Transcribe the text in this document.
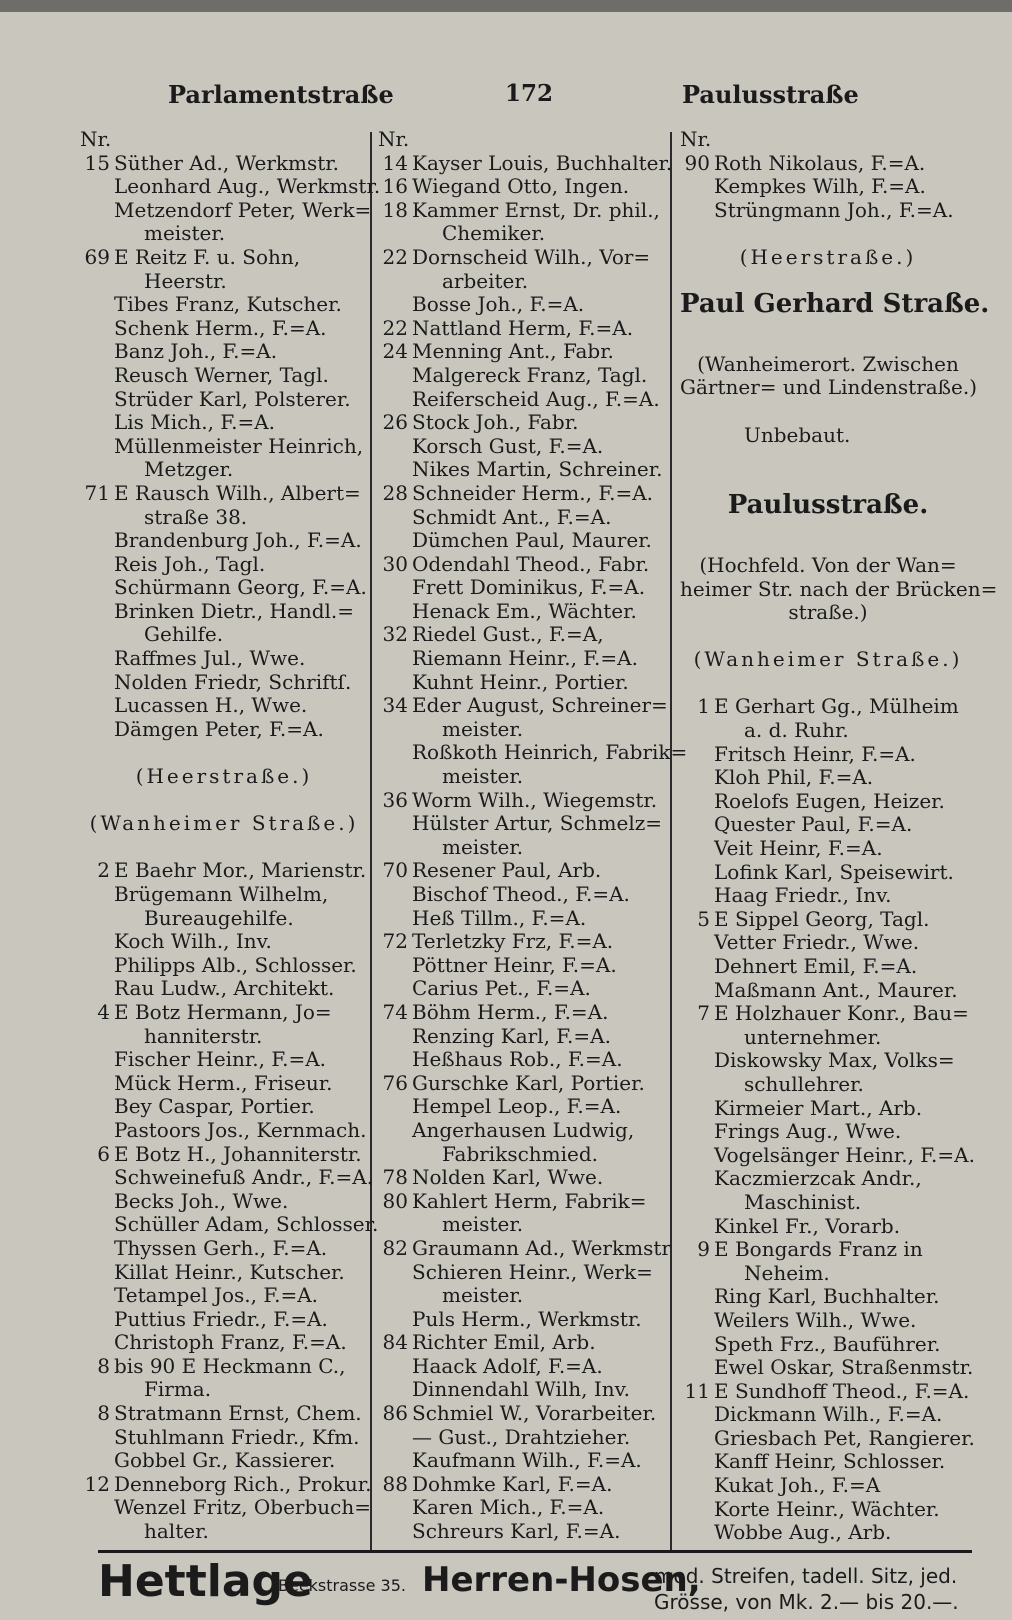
Parlamentstraße	172	Paulusstraße
Nr.
15 Süther Ad., Werkmstr.
Leonhard Aug., Werkmstr.
Metzendorf Peter, Werk=
meister.
69 E Reitz F. u. Sohn,
Heerstr.
Tibes Franz, Kutscher.
Schenk Herm., F.=A.
Banz Joh., F.=A.
Reusch Werner, Tagl.
Strüder Karl, Polsterer.
Lis Mich., F.=A.
Müllenmeister Heinrich,
Metzger.
71 E Rausch Wilh., Albert=
straße 38.
Brandenburg Joh., F.=A.
Reis Joh., Tagl.
Schürmann Georg, F.=A.
Brinken Dietr., Handl.=
Gehilfe.
Raffmes Jul., Wwe.
Nolden Friedr, Schriftſ.
Lucassen H., Wwe.
Dämgen Peter, F.=A.
(Heerstraße.)
(Wanheimer Straße.)
2 E Baehr Mor., Marienstr.
Brügemann Wilhelm,
Bureaugehilfe.
Koch Wilh., Inv.
Philipps Alb., Schlosser.
Rau Ludw., Architekt.
4 E Botz Hermann, Jo=
hanniterstr.
Fischer Heinr., F.=A.
Mück Herm., Friseur.
Bey Caspar, Portier.
Pastoors Jos., Kernmach.
6 E Botz H., Johanniterstr.
Schweinefuß Andr., F.=A.
Becks Joh., Wwe.
Schüller Adam, Schlosser.
Thyssen Gerh., F.=A.
Killat Heinr., Kutscher.
Tetampel Jos., F.=A.
Puttius Friedr., F.=A.
Christoph Franz, F.=A.
8 bis 90 E Heckmann C.,
Firma.
8 Stratmann Ernst, Chem.
Stuhlmann Friedr., Kfm.
Gobbel Gr., Kassierer.
12 Denneborg Rich., Prokur.
Wenzel Fritz, Oberbuch=
halter.
Nr.
14 Kayser Louis, Buchhalter.
16 Wiegand Otto, Ingen.
18 Kammer Ernst, Dr. phil.,
Chemiker.
22 Dornscheid Wilh., Vor=
arbeiter.
Bosse Joh., F.=A.
22 Nattland Herm, F.=A.
24 Menning Ant., Fabr.
Malgereck Franz, Tagl.
Reiferscheid Aug., F.=A.
26 Stock Joh., Fabr.
Korsch Gust, F.=A.
Nikes Martin, Schreiner.
28 Schneider Herm., F.=A.
Schmidt Ant., F.=A.
Dümchen Paul, Maurer.
30 Odendahl Theod., Fabr.
Frett Dominikus, F.=A.
Henack Em., Wächter.
32 Riedel Gust., F.=A,
Riemann Heinr., F.=A.
Kuhnt Heinr., Portier.
34 Eder August, Schreiner=
meister.
Roßkoth Heinrich, Fabrik=
meister.
36 Worm Wilh., Wiegemstr.
Hülster Artur, Schmelz=
meister.
70 Resener Paul, Arb.
Bischof Theod., F.=A.
Heß Tillm., F.=A.
72 Terletzky Frz, F.=A.
Pöttner Heinr, F.=A.
Carius Pet., F.=A.
74 Böhm Herm., F.=A.
Renzing Karl, F.=A.
Heßhaus Rob., F.=A.
76 Gurschke Karl, Portier.
Hempel Leop., F.=A.
Angerhausen Ludwig,
Fabrikschmied.
78 Nolden Karl, Wwe.
80 Kahlert Herm, Fabrik=
meister.
82 Graumann Ad., Werkmstr
Schieren Heinr., Werk=
meister.
Puls Herm., Werkmstr.
84 Richter Emil, Arb.
Haack Adolf, F.=A.
Dinnendahl Wilh, Inv.
86 Schmiel W., Vorarbeiter.
— Gust., Drahtzieher.
Kaufmann Wilh., F.=A.
88 Dohmke Karl, F.=A.
Karen Mich., F.=A.
Schreurs Karl, F.=A.
Nr.
90 Roth Nikolaus, F.=A.
Kempkes Wilh, F.=A.
Strüngmann Joh., F.=A.
(Heerstraße.)
Paul Gerhard Straße.
(Wanheimerort. Zwischen
Gärtner= und Lindenstraße.)
Unbebaut.
Paulusstraße.
(Hochfeld. Von der Wan=
heimer Str. nach der Brücken=
straße.)
(Wanheimer Straße.)
1 E Gerhart Gg., Mülheim
a. d. Ruhr.
Fritsch Heinr, F.=A.
Kloh Phil, F.=A.
Roelofs Eugen, Heizer.
Quester Paul, F.=A.
Veit Heinr, F.=A.
Lofink Karl, Speisewirt.
Haag Friedr., Inv.
5 E Sippel Georg, Tagl.
Vetter Friedr., Wwe.
Dehnert Emil, F.=A.
Maßmann Ant., Maurer.
7 E Holzhauer Konr., Bau=
unternehmer.
Diskowsky Max, Volks=
schullehrer.
Kirmeier Mart., Arb.
Frings Aug., Wwe.
Vogelsänger Heinr., F.=A.
Kaczmierzcak Andr.,
Maschinist.
Kinkel Fr., Vorarb.
9 E Bongards Franz in
Neheim.
Ring Karl, Buchhalter.
Weilers Wilh., Wwe.
Speth Frz., Bauführer.
Ewel Oskar, Straßenmstr.
11 E Sundhoff Theod., F.=A.
Dickmann Wilh., F.=A.
Griesbach Pet, Rangierer.
Kanff Heinr, Schlosser.
Kukat Joh., F.=A
Korte Heinr., Wächter.
Wobbe Aug., Arb.
Hettlage
Beekstrasse 35. Herren-Hosen,
mod. Streifen, tadell. Sitz, jed.
Grösse, von Mk. 2.— bis 20.—.
